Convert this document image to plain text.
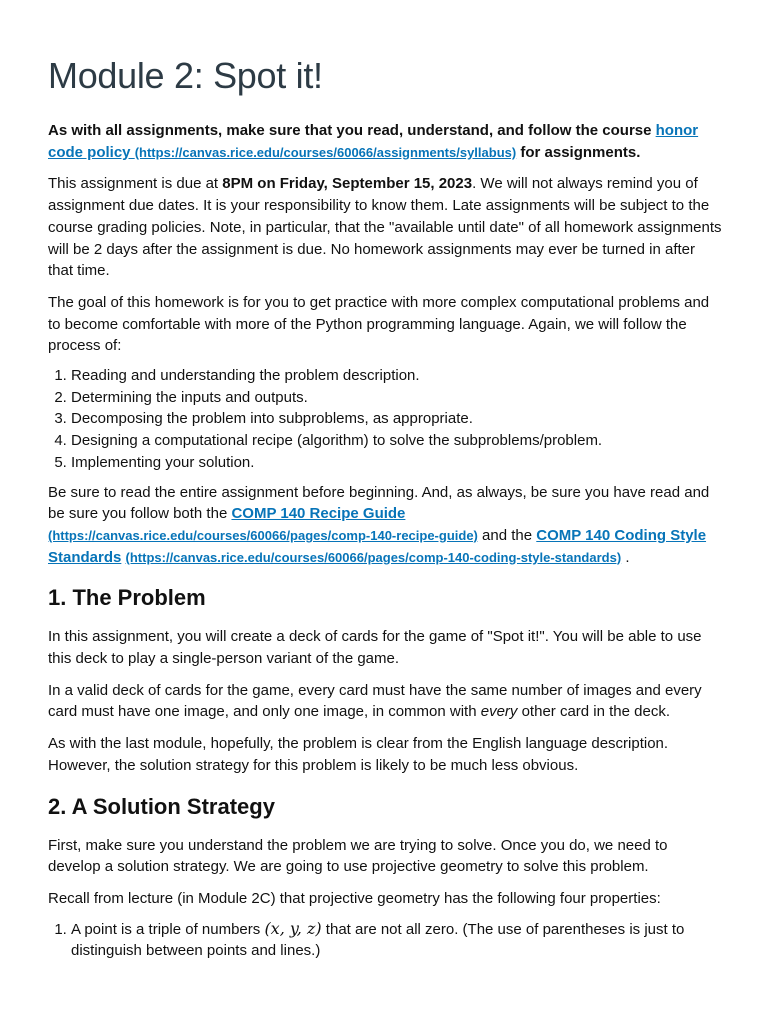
Module 2: Spot it!

As with all assignments, make sure that you read, understand, and follow the course honor code policy (https://canvas.rice.edu/courses/60066/assignments/syllabus) for assignments.

This assignment is due at 8PM on Friday, September 15, 2023. We will not always remind you of assignment due dates. It is your responsibility to know them. Late assignments will be subject to the course grading policies. Note, in particular, that the "available until date" of all homework assignments will be 2 days after the assignment is due. No homework assignments may ever be turned in after that time.

The goal of this homework is for you to get practice with more complex computational problems and to become comfortable with more of the Python programming language. Again, we will follow the process of:

1. Reading and understanding the problem description.
2. Determining the inputs and outputs.
3. Decomposing the problem into subproblems, as appropriate.
4. Designing a computational recipe (algorithm) to solve the subproblems/problem.
5. Implementing your solution.

Be sure to read the entire assignment before beginning. And, as always, be sure you have read and be sure you follow both the COMP 140 Recipe Guide
(https://canvas.rice.edu/courses/60066/pages/comp-140-recipe-guide) and the COMP 140 Coding Style Standards (https://canvas.rice.edu/courses/60066/pages/comp-140-coding-style-standards) .

1. The Problem

In this assignment, you will create a deck of cards for the game of "Spot it!". You will be able to use this deck to play a single-person variant of the game.

In a valid deck of cards for the game, every card must have the same number of images and every card must have one image, and only one image, in common with every other card in the deck.

As with the last module, hopefully, the problem is clear from the English language description. However, the solution strategy for this problem is likely to be much less obvious.

2. A Solution Strategy

First, make sure you understand the problem we are trying to solve. Once you do, we need to develop a solution strategy. We are going to use projective geometry to solve this problem.

Recall from lecture (in Module 2C) that projective geometry has the following four properties:

1. A point is a triple of numbers (x, y, z) that are not all zero. (The use of parentheses is just to distinguish between points and lines.)
